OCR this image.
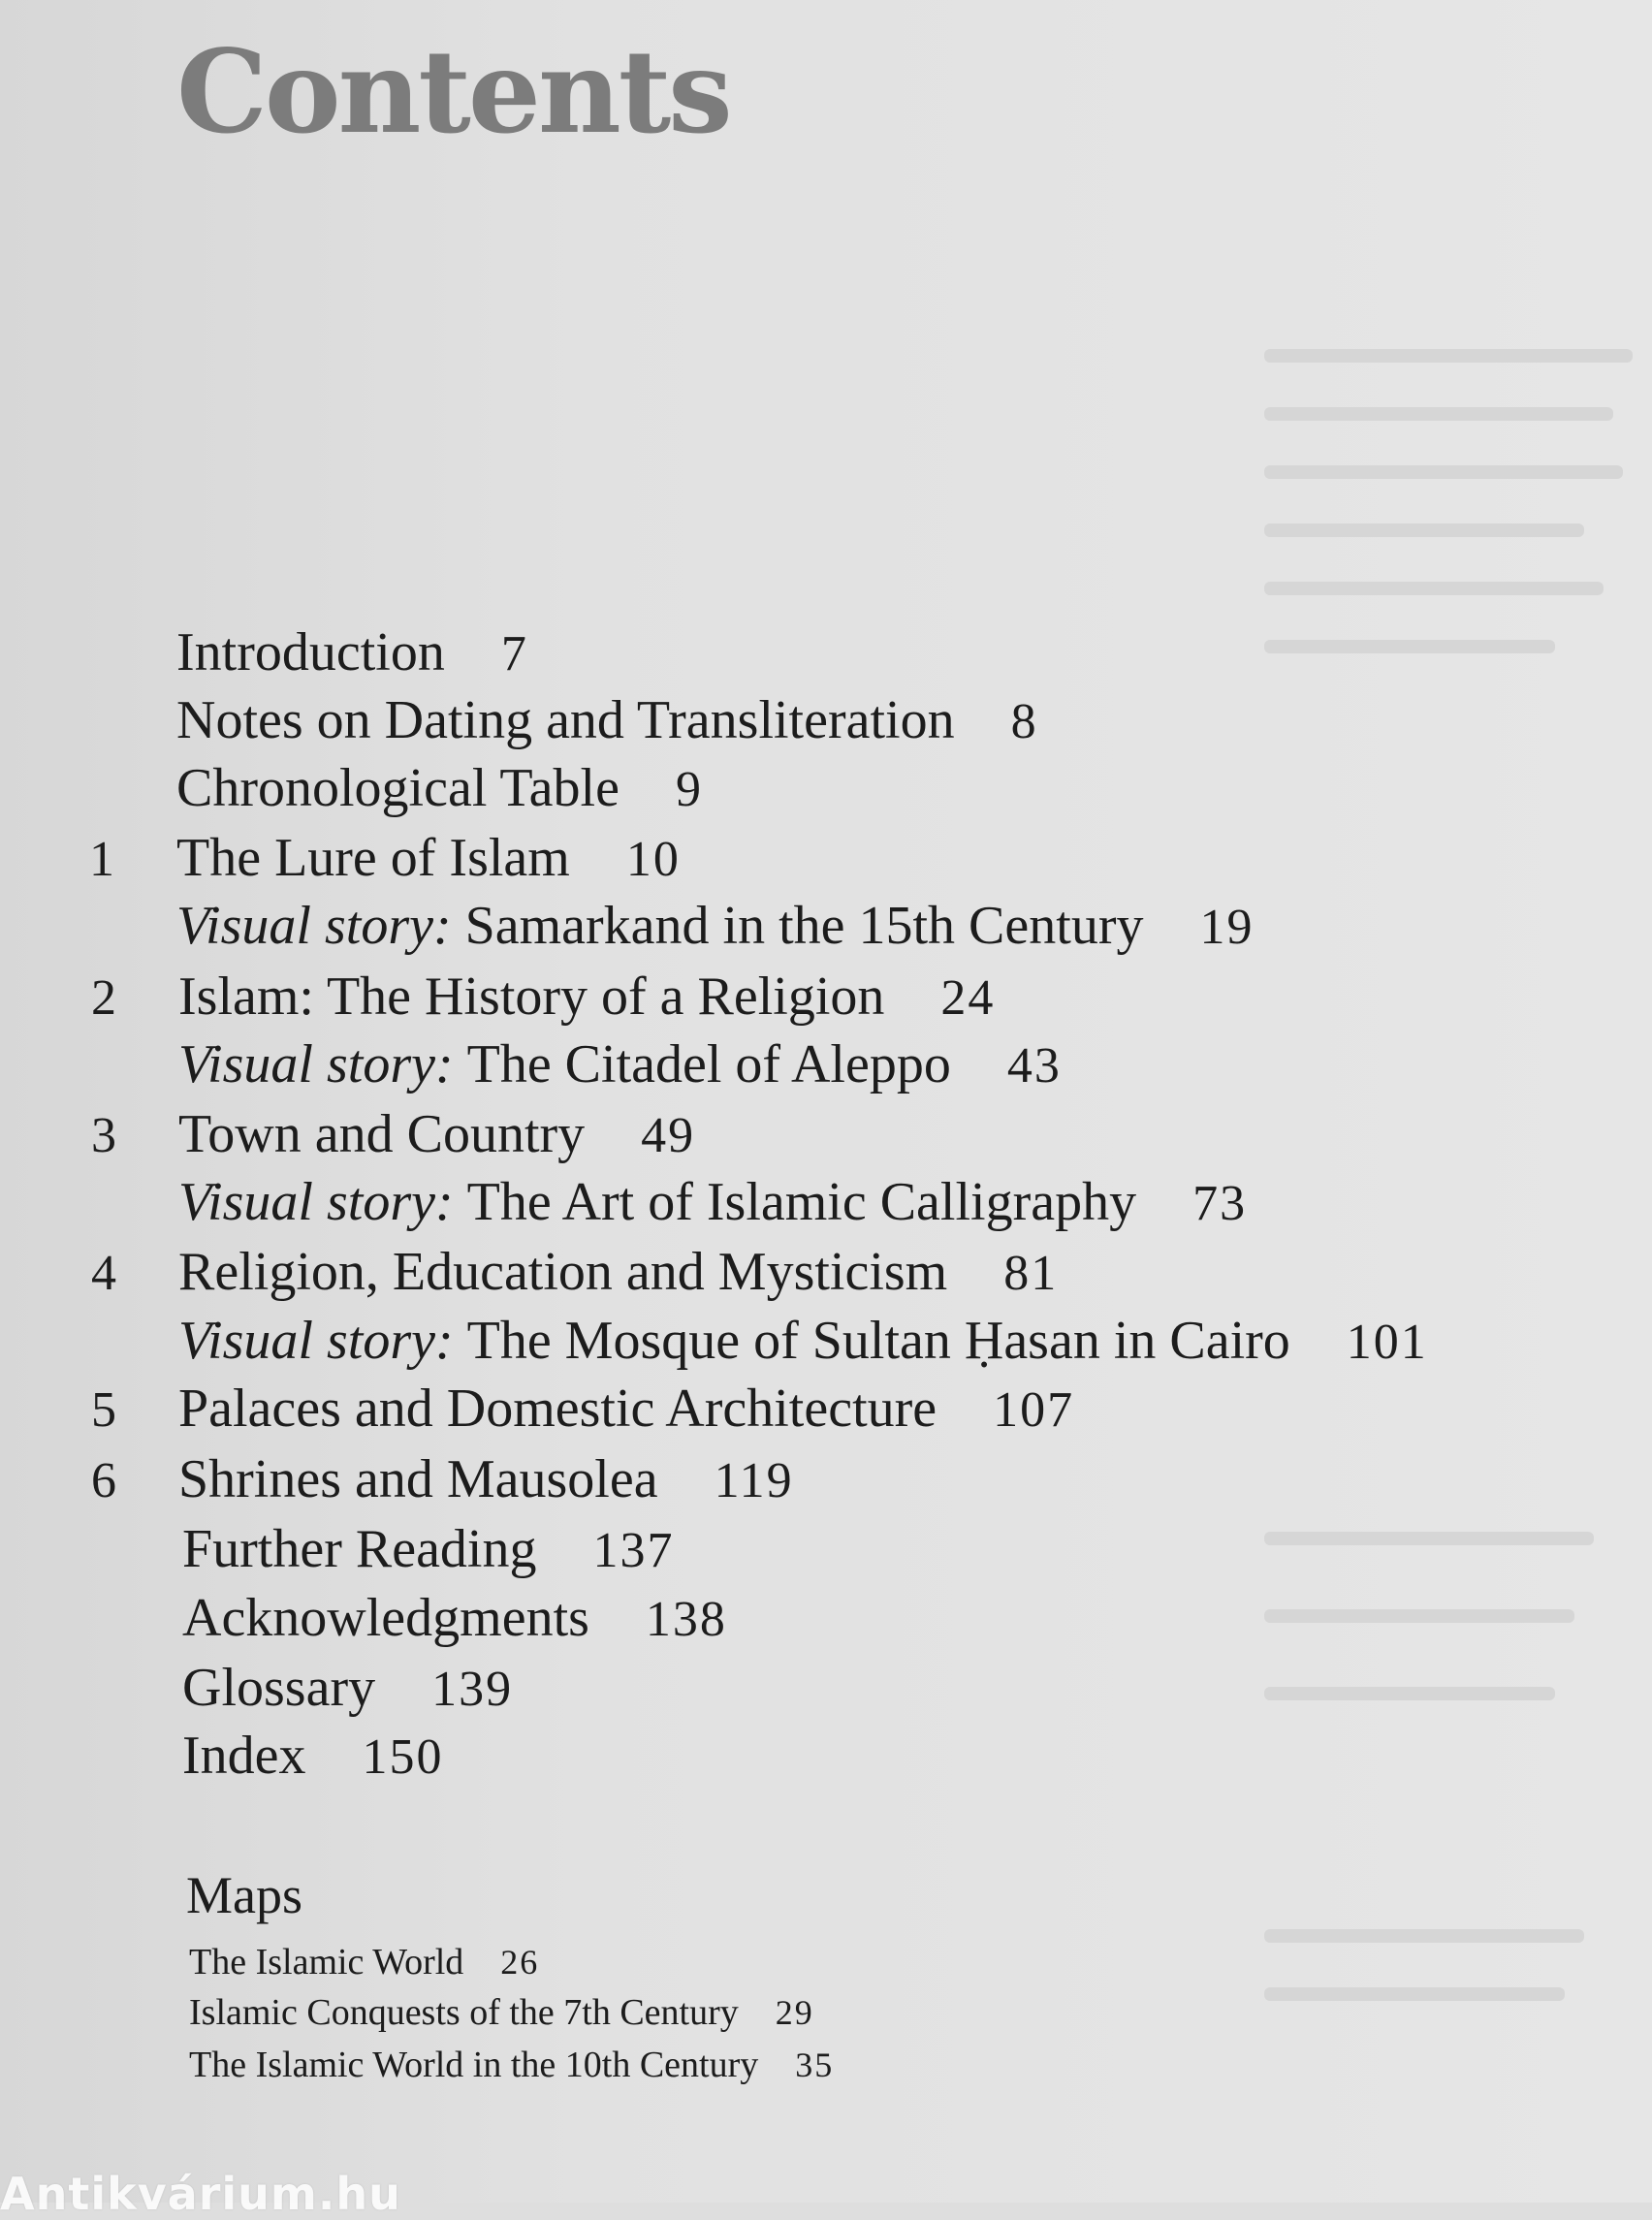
Contents
Introduction 7
Notes on Dating and Transliteration 8
Chronological Table 9
1	The Lure of Islam 10
Visual story: Samarkand in the 15th Century 19
2	Islam: The History of a Religion 24
Visual story: The Citadel of Aleppo 43
3	Town and Country 49
Visual story: The Art of Islamic Calligraphy 73
4	Religion, Education and Mysticism 81
Visual story: The Mosque of Sultan Ḥasan in Cairo 101
5	Palaces and Domestic Architecture 107
6	Shrines and Mausolea 119
Further Reading 137
Acknowledgments 138
Glossary 139
Index 150
Maps
The Islamic World 26
Islamic Conquests of the 7th Century 29
The Islamic World in the 10th Century 35
Antikvárium.hu
